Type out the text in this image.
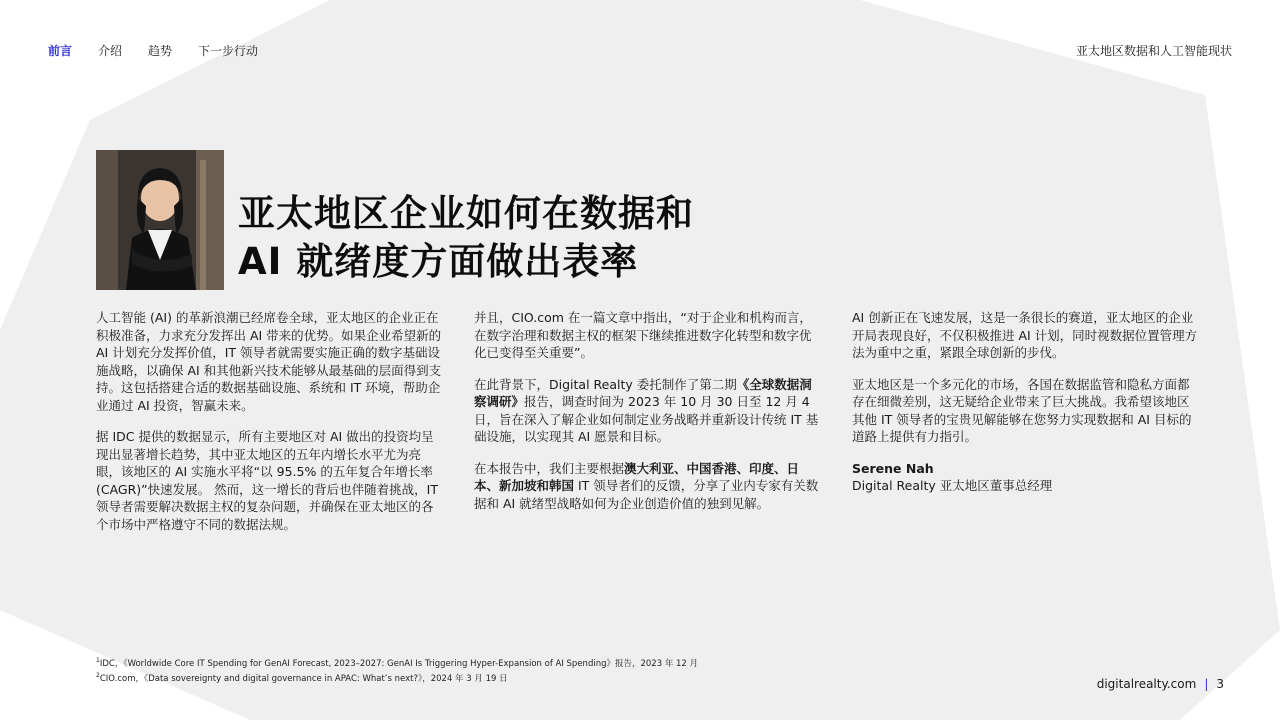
前言 介绍 趋势 下一步行动	亚太地区数据和人工智能现状
亚太地区企业如何在数据和
AI 就绪度方面做出表率

人工智能 (AI) 的革新浪潮已经席卷全球，亚太地区的企业正在积极准备，力求充分发挥出 AI 带来的优势。如果企业希望新的 AI 计划充分发挥价值，IT 领导者就需要实施正确的数字基础设施战略，以确保 AI 和其他新兴技术能够从最基础的层面得到支持。这包括搭建合适的数据基础设施、系统和 IT 环境，帮助企业通过 AI 投资，智赢未来。

据 IDC 提供的数据显示，所有主要地区对 AI 做出的投资均呈现出显著增长趋势，其中亚太地区的五年内增长水平尤为亮眼，该地区的 AI 实施水平将“以 95.5% 的五年复合年增长率 (CAGR)”快速发展。 然而，这一增长的背后也伴随着挑战，IT 领导者需要解决数据主权的复杂问题，并确保在亚太地区的各个市场中严格遵守不同的数据法规。

并且，CIO.com 在一篇文章中指出，“对于企业和机构而言，在数字治理和数据主权的框架下继续推进数字化转型和数字优化已变得至关重要”。

在此背景下，Digital Realty 委托制作了第二期《全球数据洞察调研》报告，调查时间为 2023 年 10 月 30 日至 12 月 4 日，旨在深入了解企业如何制定业务战略并重新设计传统 IT 基础设施，以实现其 AI 愿景和目标。

在本报告中，我们主要根据澳大利亚、中国香港、印度、日本、新加坡和韩国 IT 领导者们的反馈，分享了业内专家有关数据和 AI 就绪型战略如何为企业创造价值的独到见解。

AI 创新正在飞速发展，这是一条很长的赛道，亚太地区的企业开局表现良好，不仅积极推进 AI 计划，同时视数据位置管理方法为重中之重，紧跟全球创新的步伐。

亚太地区是一个多元化的市场，各国在数据监管和隐私方面都存在细微差别，这无疑给企业带来了巨大挑战。我希望该地区其他 IT 领导者的宝贵见解能够在您努力实现数据和 AI 目标的道路上提供有力指引。

Serene Nah
Digital Realty 亚太地区董事总经理

$^1$IDC，《Worldwide Core IT Spending for GenAI Forecast, 2023–2027: GenAI Is Triggering Hyper-Expansion of AI Spending》报告，2023 年 12 月
$^2$CIO.com，《Data sovereignty and digital governance in APAC: What’s next?》，2024 年 3 月 19 日	digitalrealty.com | 3
